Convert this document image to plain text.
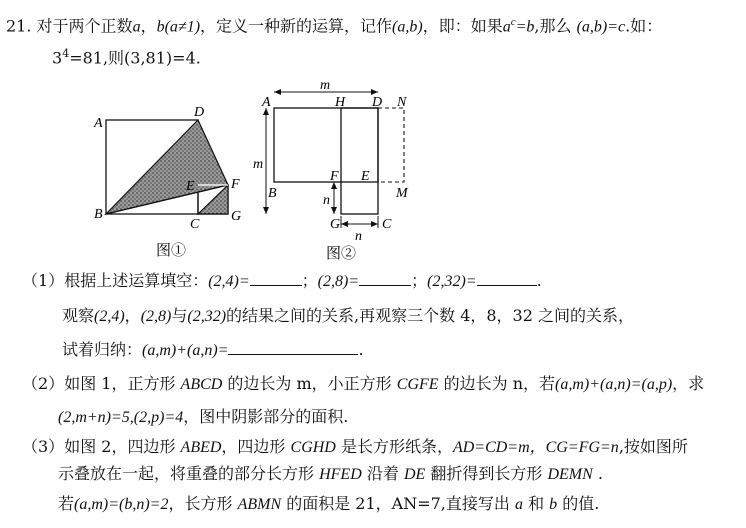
21. 对于两个正数a，b(a≠1)，定义一种新的运算，记作(a,b)，即：如果$a^c=b$,那么 (a,b)=c.如：
$3^4=81$,则(3,81)=4.
A
D
B
E	F
C
G
图①
m
m
n
n
A	H D N
B
F E
M
G	C
图②
（1）根据上述运算填空：(2,4)=	；(2,8)=	；(2,32)=	.
观察(2,4)，(2,8)与(2,32)的结果之间的关系,再观察三个数 4，8，32 之间的关系，
试着归纳：(a,m)+(a,n)=	.
（2）如图 1，正方形 ABCD 的边长为 m，小正方形 CGFE 的边长为 n，若(a,m)+(a,n)=(a,p)，求
(2,m+n)=5,(2,p)=4，图中阴影部分的面积.
（3）如图 2，四边形 ABED，四边形 CGHD 是长方形纸条，AD=CD=m，CG=FG=n,按如图所
示叠放在一起，将重叠的部分长方形 HFED 沿着 DE 翻折得到长方形 DEMN .
若(a,m)=(b,n)=2，长方形 ABMN 的面积是 21，AN=7,直接写出 a 和 b 的值.
